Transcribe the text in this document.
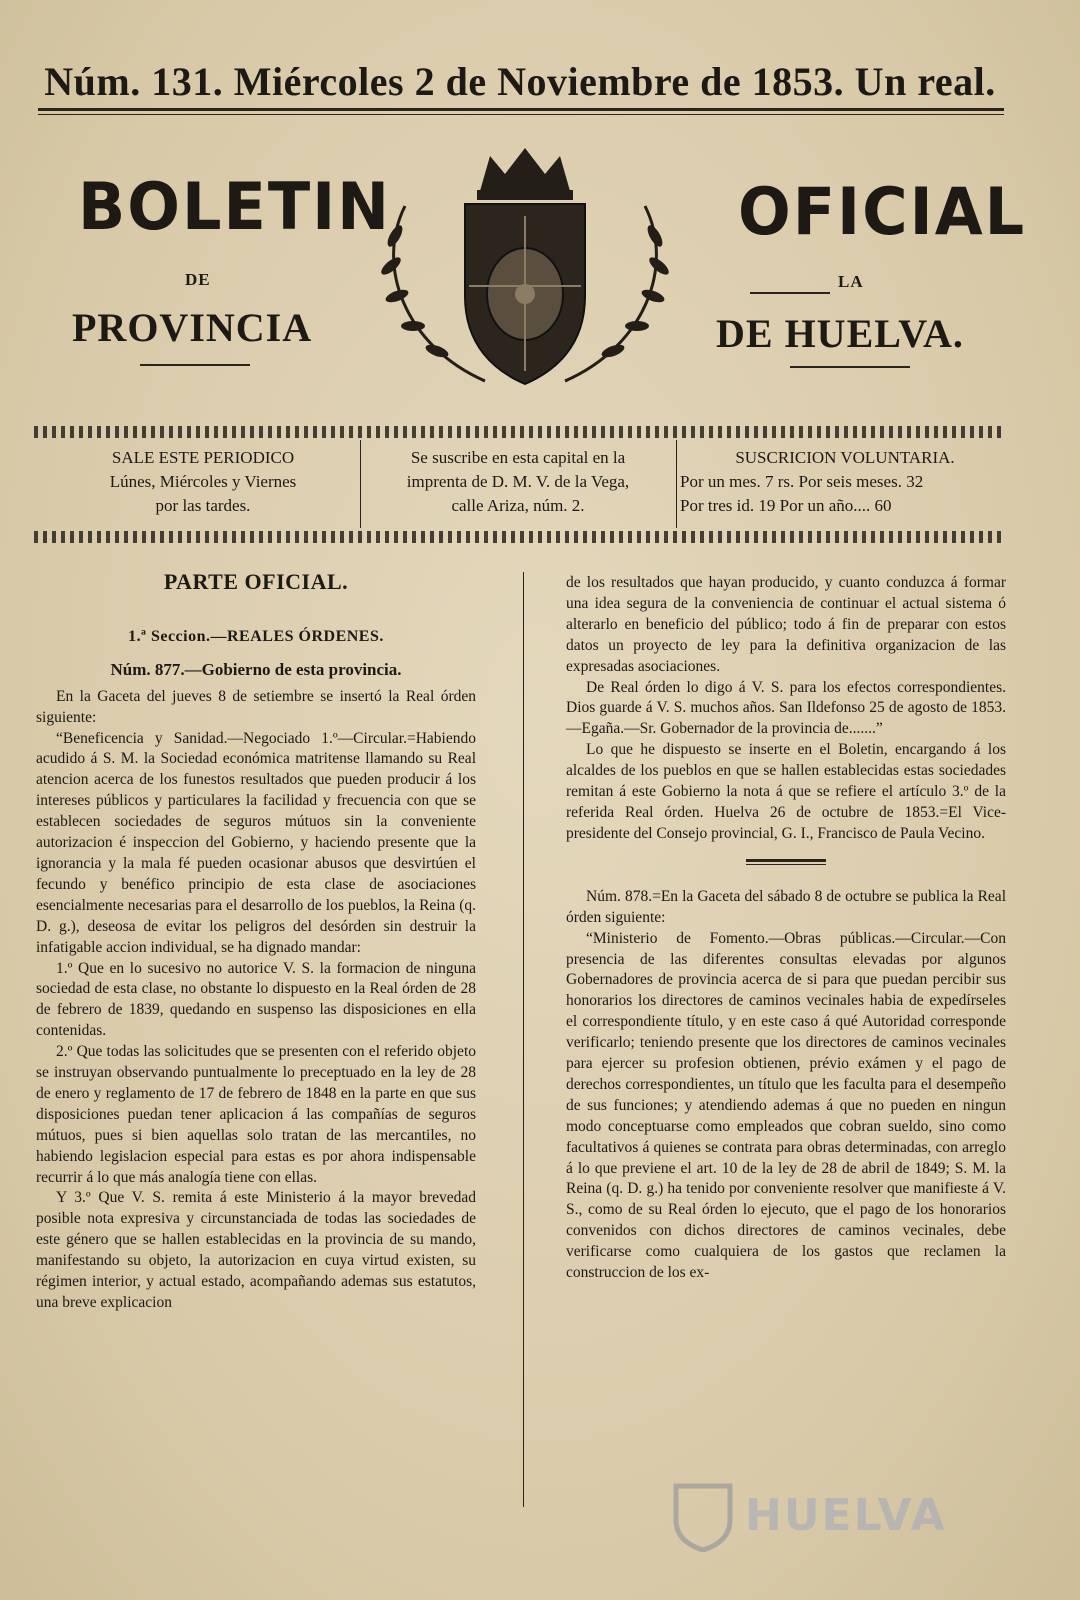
Núm. 131. Miércoles 2 de Noviembre de 1853. Un real.
BOLETIN	OFICIAL
DE	LA
PROVINCIA	DE HUELVA.
SALE ESTE PERIODICO
Lúnes, Miércoles y Viernes
por las tardes.
Se suscribe en esta capital en la
imprenta de D. M. V. de la Vega,
calle Ariza, núm. 2.
SUSCRICION VOLUNTARIA.
Por un mes. 7 rs. Por seis meses. 32
Por tres id. 19 Por un año.... 60
PARTE OFICIAL.
1.ª Seccion.—REALES ÓRDENES.
Núm. 877.—Gobierno de esta provincia.

En la Gaceta del jueves 8 de setiembre se insertó la Real órden siguiente:

“Beneficencia y Sanidad.—Negociado 1.º—Circular.=Habiendo acudido á S. M. la Sociedad económica matritense llamando su Real atencion acerca de los funestos resultados que pueden producir á los intereses públicos y particulares la facilidad y frecuencia con que se establecen sociedades de seguros mútuos sin la conveniente autorizacion é inspeccion del Gobierno, y haciendo presente que la ignorancia y la mala fé pueden ocasionar abusos que desvirtúen el fecundo y benéfico principio de esta clase de asociaciones esencialmente necesarias para el desarrollo de los pueblos, la Reina (q. D. g.), deseosa de evitar los peligros del desórden sin destruir la infatigable accion individual, se ha dignado mandar:

1.º Que en lo sucesivo no autorice V. S. la formacion de ninguna sociedad de esta clase, no obstante lo dispuesto en la Real órden de 28 de febrero de 1839, quedando en suspenso las disposiciones en ella contenidas.

2.º Que todas las solicitudes que se presenten con el referido objeto se instruyan observando puntualmente lo preceptuado en la ley de 28 de enero y reglamento de 17 de febrero de 1848 en la parte en que sus disposiciones puedan tener aplicacion á las compañías de seguros mútuos, pues si bien aquellas solo tratan de las mercantiles, no habiendo legislacion especial para estas es por ahora indispensable recurrir á lo que más analogía tiene con ellas.

Y 3.º Que V. S. remita á este Ministerio á la mayor brevedad posible nota expresiva y circunstanciada de todas las sociedades de este género que se hallen establecidas en la provincia de su mando, manifestando su objeto, la autorizacion en cuya virtud existen, su régimen interior, y actual estado, acompañando ademas sus estatutos, una breve explicacion

de los resultados que hayan producido, y cuanto conduzca á formar una idea segura de la conveniencia de continuar el actual sistema ó alterarlo en beneficio del público; todo á fin de preparar con estos datos un proyecto de ley para la definitiva organizacion de las expresadas asociaciones.

De Real órden lo digo á V. S. para los efectos correspondientes. Dios guarde á V. S. muchos años. San Ildefonso 25 de agosto de 1853.—Egaña.—Sr. Gobernador de la provincia de.......”

Lo que he dispuesto se inserte en el Boletin, encargando á los alcaldes de los pueblos en que se hallen establecidas estas sociedades remitan á este Gobierno la nota á que se refiere el artículo 3.º de la referida Real órden. Huelva 26 de octubre de 1853.=El Vice-presidente del Consejo provincial, G. I., Francisco de Paula Vecino.

Núm. 878.=En la Gaceta del sábado 8 de octubre se publica la Real órden siguiente:

“Ministerio de Fomento.—Obras públicas.—Circular.—Con presencia de las diferentes consultas elevadas por algunos Gobernadores de provincia acerca de si para que puedan percibir sus honorarios los directores de caminos vecinales habia de expedírseles el correspondiente título, y en este caso á qué Autoridad corresponde verificarlo; teniendo presente que los directores de caminos vecinales para ejercer su profesion obtienen, prévio exámen y el pago de derechos correspondientes, un título que les faculta para el desempeño de sus funciones; y atendiendo ademas á que no pueden en ningun modo conceptuarse como empleados que cobran sueldo, sino como facultativos á quienes se contrata para obras determinadas, con arreglo á lo que previene el art. 10 de la ley de 28 de abril de 1849; S. M. la Reina (q. D. g.) ha tenido por conveniente resolver que manifieste á V. S., como de su Real órden lo ejecuto, que el pago de los honorarios convenidos con dichos directores de caminos vecinales, debe verificarse como cualquiera de los gastos que reclamen la construccion de los ex-

HUELVA
